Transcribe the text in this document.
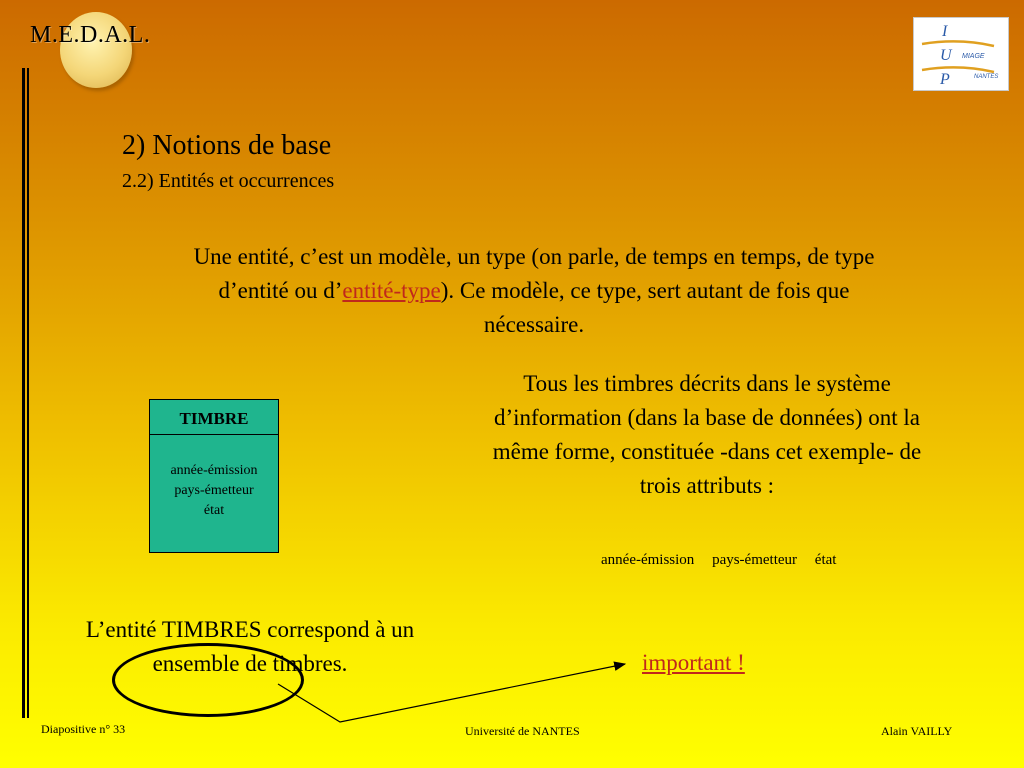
M.E.D.A.L.	I
U
P
MIAGE
NANTES
2) Notions de base
2.2) Entités et occurrences
Une entité, c’est un modèle, un type (on parle, de temps en temps, de type d’entité ou d’entité-type). Ce modèle, ce type, sert autant de fois que nécessaire.
TIMBRE
année-émission
pays-émetteur
état
Tous les timbres décrits dans le système d’information (dans la base de données) ont la même forme, constituée -dans cet exemple- de trois attributs :
année-émission pays-émetteur état
L’entité TIMBRES correspond à un ensemble de timbres.	important !
Diapositive n° 33	Université de NANTES	Alain VAILLY
